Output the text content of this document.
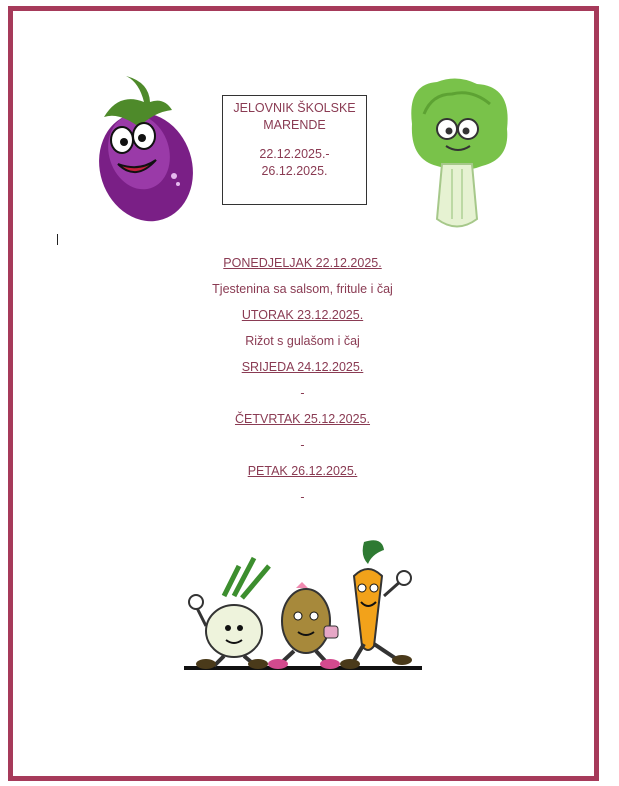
JELOVNIK ŠKOLSKE
MARENDE
22.12.2025.-
26.12.2025.
PONEDJELJAK 22.12.2025.
Tjestenina sa salsom, fritule i čaj
UTORAK 23.12.2025.
Rižot s gulašom i čaj
SRIJEDA 24.12.2025.
-
ČETVRTAK 25.12.2025.
-
PETAK 26.12.2025.
-
